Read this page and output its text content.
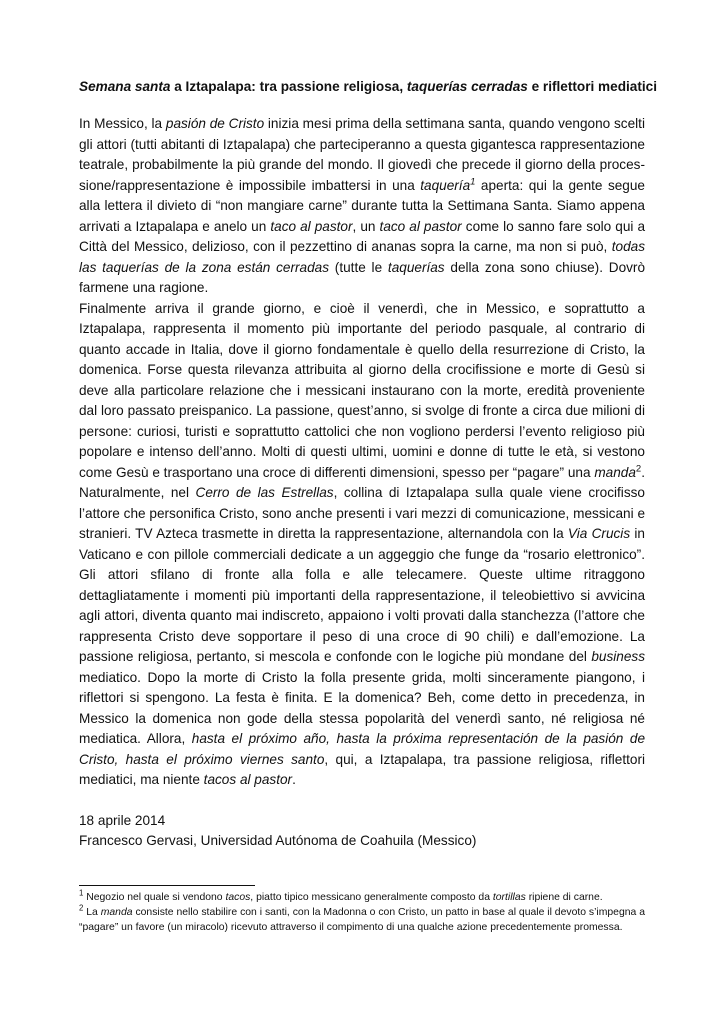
Semana santa a Iztapalapa: tra passione religiosa, taquerías cerradas e riflettori mediatici

In Messico, la pasión de Cristo inizia mesi prima della settimana santa, quando vengono scelti gli attori (tutti abitanti di Iztapalapa) che parteciperanno a questa gigantesca rappresentazione teatrale, probabilmente la più grande del mondo. Il giovedì che precede il giorno della processione/rappresentazione è impossibile imbattersi in una taquería$^1$ aperta: qui la gente segue alla lettera il divieto di “non mangiare carne” durante tutta la Settimana Santa. Siamo appena arrivati a Iztapalapa e anelo un taco al pastor, un taco al pastor come lo sanno fare solo qui a Città del Messico, delizioso, con il pezzettino di ananas sopra la carne, ma non si può, todas las taquerías de la zona están cerradas (tutte le taquerías della zona sono chiuse). Dovrò farmene una ragione.

Finalmente arriva il grande giorno, e cioè il venerdì, che in Messico, e soprattutto a Iztapalapa, rappresenta il momento più importante del periodo pasquale, al contrario di quanto accade in Italia, dove il giorno fondamentale è quello della resurrezione di Cristo, la domenica. Forse questa rilevanza attribuita al giorno della crocifissione e morte di Gesù si deve alla particolare relazione che i messicani instaurano con la morte, eredità proveniente dal loro passato preispanico. La passione, quest’anno, si svolge di fronte a circa due milioni di persone: curiosi, turisti e soprattutto cattolici che non vogliono perdersi l’evento religioso più popolare e intenso dell’anno. Molti di questi ultimi, uomini e donne di tutte le età, si vestono come Gesù e trasportano una croce di differenti dimensioni, spesso per “pagare” una manda$^2$. Naturalmente, nel Cerro de las Estrellas, collina di Iztapalapa sulla quale viene crocifisso l’attore che personifica Cristo, sono anche presenti i vari mezzi di comunicazione, messicani e stranieri. TV Azteca trasmette in diretta la rappresentazione, alternandola con la Via Crucis in Vaticano e con pillole commerciali dedicate a un aggeggio che funge da “rosario elettronico”. Gli attori sfilano di fronte alla folla e alle telecamere. Queste ultime ritraggono dettagliatamente i momenti più importanti della rappresentazione, il teleobiettivo si avvicina agli attori, diventa quanto mai indiscreto, appaiono i volti provati dalla stanchezza (l’attore che rappresenta Cristo deve sopportare il peso di una croce di 90 chili) e dall’emozione. La passione religiosa, pertanto, si mescola e confonde con le logiche più mondane del business mediatico. Dopo la morte di Cristo la folla presente grida, molti sinceramente piangono, i riflettori si spengono. La festa è finita. E la domenica? Beh, come detto in precedenza, in Messico la domenica non gode della stessa popolarità del venerdì santo, né religiosa né mediatica. Allora, hasta el próximo año, hasta la próxima representación de la pasión de Cristo, hasta el próximo viernes santo, qui, a Iztapalapa, tra passione religiosa, riflettori mediatici, ma niente tacos al pastor.

18 aprile 2014
Francesco Gervasi, Universidad Autónoma de Coahuila (Messico)

$^1$ Negozio nel quale si vendono tacos, piatto tipico messicano generalmente composto da tortillas ripiene di carne.

$^2$ La manda consiste nello stabilire con i santi, con la Madonna o con Cristo, un patto in base al quale il devoto s’impegna a “pagare” un favore (un miracolo) ricevuto attraverso il compimento di una qualche azione precedentemente promessa.
